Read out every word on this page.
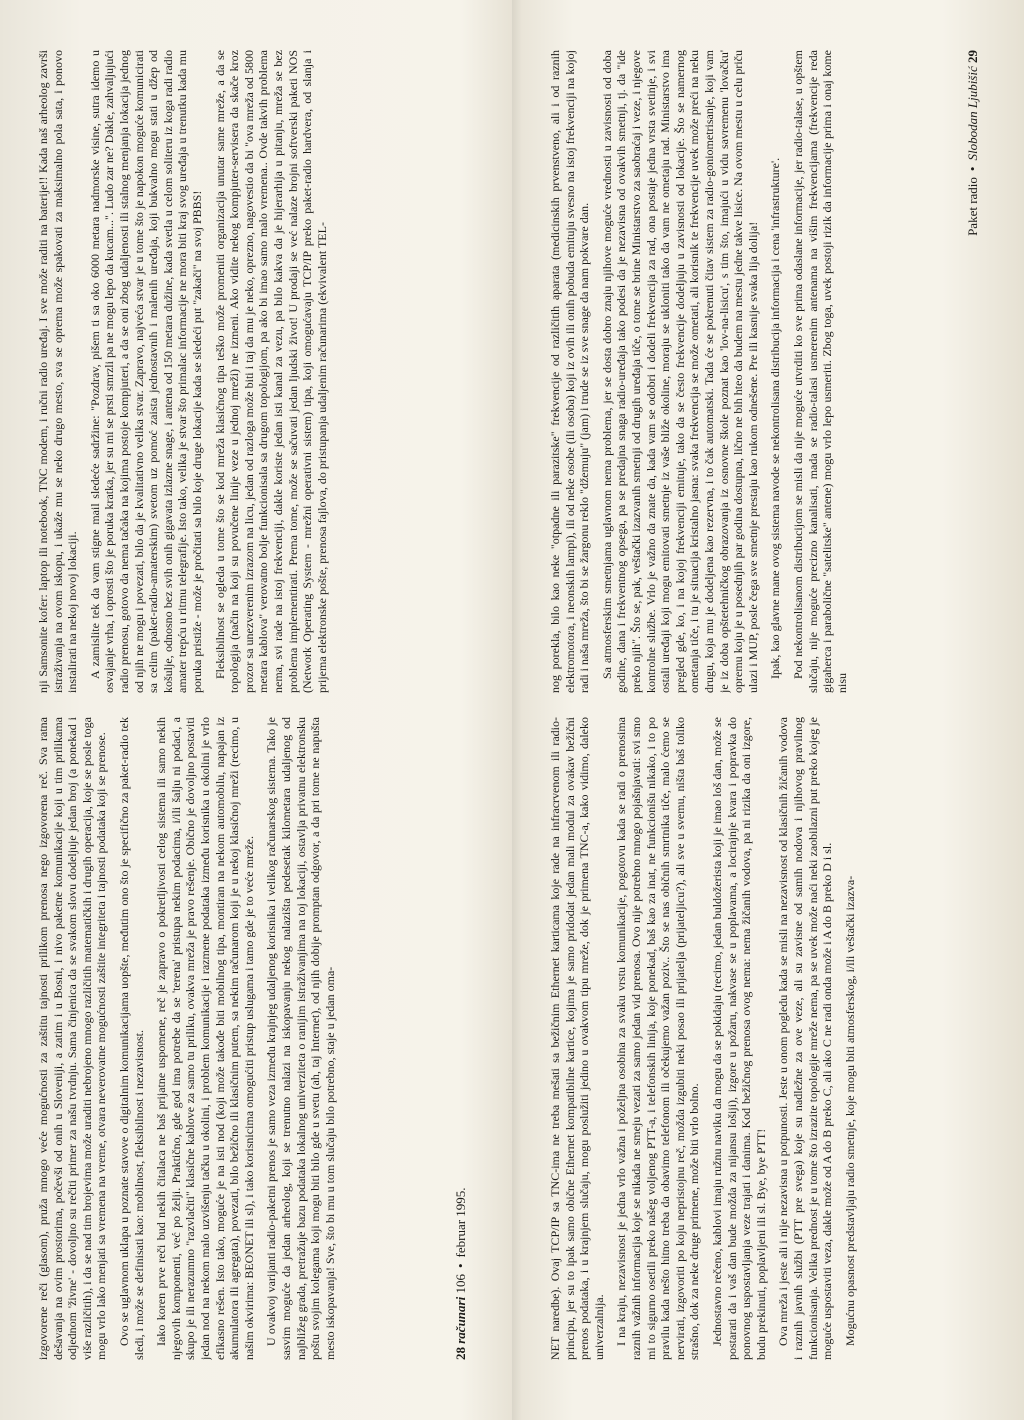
izgovorene reči (glasom), pruža mnogo veće mogućnosti za zaštitu tajnosti prilikom prenosa nego izgovorena reč. Sva ratna dešavanja na ovim prostorima, počevši od onih u Sloveniji, a zatim i u Bosni, i nivo paketne komunikacije koji u tim prilikama odjednom 'živne' - dovoljno su rečiti primer za našu tvrdnju. Sama činjenica da se svakom slovu dodeljuje jedan broj (a ponekad i više različitih), i da se nad tim brojevima može uraditi nebrojeno mnogo različitih matematičkih i drugih operacija, koje se posle toga mogu vrlo lako menjati sa vremena na vreme, otvara neverovatne mogućnosti zaštite integriteta i tajnosti podataka koji se prenose. Ovo se uglavnom uklapa u poznate stavove o digitalnim komunikacijama uopšte, međutim ono što je specifično za paket-radio tek sledi, i može se definisati kao: mobilnost, fleksibilnost i nezavisnost. Iako koren prve reči bud nekih čitalaca ne baš prijatne uspomene, reč je zapravo o pokretljivosti celog sistema ili samo nekih njegovih komponenti, već po želji. Praktično, gde god ima potrebe da se 'terena' pristupa nekim podacima, i/ili šalju ni podaci, a skupo je ili nerazumno "razvlačiti" klasične kablove za samo tu priliku, ovakva mreža je pravo rešenje. Obično je dovoljno postaviti jedan nod na nekom malo uzvišenju tačku u okolini, i problem komunikacije i razmene podataka između korisnika u okolini je vrlo efikasno rešen. Isto tako, moguće je na isti nod (koji može takođe biti mobilnog tipa, montiran na nekom automobilu, napajan iz akumulatora ili agregata), povezati, bilo bežično ili klasičnim putem, sa nekim računarom koji je u nekoj klasičnoj mreži (recimo, u našim okvirima: BEONET ili sl), i tako korisnicima omogućiti pristup uslugama i tamo gde je to veće mreže. U ovakvoj varijanti radio-paketni prenos je samo veza između krajnjeg udaljenog korisnika i velikog računarskog sistema. Tako je sasvim moguće da jedan arheolog, koji se trenutno nalazi na iskopavanju nekog nalazišta pedesetak kilometara udaljenog od najbližeg grada, pretražuje bazu podataka lokalnog univerziteta o ranijim istraživanjima na toj lokaciji, ostavlja privatnu elektronsku poštu svojim kolegama koji mogu biti bilo gde u svetu (ah, taj Internet), od njih dobije promptan odgovor, a da pri tome ne napušta mesto iskopavanja! Sve, što bi mu u tom slučaju bilo potrebno, staje u jedan oma-

nji Samsonite kofer: laptop ili notebook, TNC modem, i ručni radio uređaj. I sve može raditi na baterije!! Kada naš arheolog završi istraživanja na ovom iskopu, i ukaže mu se neko drugo mesto, sva se oprema može spakovati za maksimalno pola sata, i ponovo instalirati na nekoj novoj lokaciji. A zamislite tek da vam stigne mail sledeće sadržine: "Pozdrav, pišem ti sa oko 6000 metara nadmorske visine, sutra idemo u osvajanje vrha, i oprosti što je poruka kratka, jer su mi se prsti smrzli pa ne mogu lepo da kucam...". Ludo zar ne? Dakle, zahvaljujući radio prenosu, gotovo da nema tačaka na kojima postoje kompjuteri, a da se oni zbog udaljenosti ili stalnog menjanja lokacija jednog od njih ne mogu i povezati, bilo da je kvalitativno velika stvar. Zapravo, najveća stvar je u tome što je napokon moguće komunicirati sa celim (paket-radio-amaterskim) svetom uz pomoć zaista jednostavnih i malenih uređaja, koji bukvalno mogu stati u džep od košulje, odnosno bez svih onih gigavata izlazne snage, i antena od 150 metara dužine, kada svetla u celom soliteru iz koga radi radio amater trepću u ritmu telegrafije. Isto tako, velika je stvar što primalac informacije ne mora biti kraj svog uređaja u trenutku kada mu poruka pristiže - može je pročitati sa bilo koje druge lokacije kada se sledeći put "zakači" na svoj PBBS! Fleksibilnost se ogleda u tome što se kod mreža klasičnog tipa teško može promeniti organizacija unutar same mreže, a da se topologija (način na koji su povučene linije veze u jednoj mreži) ne izmeni. Ako vidite nekog kompjuter-servisera da skače kroz prozor sa unezverenim izrazom na licu, jedan od razloga može biti i taj da mu je neko, oprezno, nagovestio da bi "ova mreža od 5800 metara kablova" verovatno bolje funkcionisala sa drugom topologijom, pa ako bi imao samo malo vremena.. Ovde takvih problema nema, svi rade na istoj frekvenciji, dakle koriste jedan isti kanal za vezu, pa bilo kakva da je hijerarhija u pitanju, mreža se bez problema implementirati. Prema tome, može se sačuvati jedan ljudski život! U prodaji se već nalaze brojni softverski paketi NOS (Network Operating System - mrežni operativni sistem) tipa, koji omogućavaju TCP/IP preko paket-radio hardvera, od slanja i prijema elektronske pošte, prenosa fajlova, do pristupanja udaljenim računarima (ekvivalent TEL-

28

računari

106
•
februar 1995.	NET naredbe). Ovaj TCP/IP sa TNC-ima ne treba mešati sa bežičnim Ethernet karticama koje rade na infracrvenom ili radio-principu, jer su to ipak samo obične Ethernet kompatibilne kartice, kojima je samo pridodat jedan mali modul za ovakav bežični prenos podataka, i u krajnjem slučaju, mogu poslužiti jedino u ovakvom tipu mreže, dok je primena TNC-a, kako vidimo, daleko univerzalnija. I na kraju, nezavisnost je jedna vrlo važna i poželjna osobina za svaku vrstu komunikacije, pogotovu kada se radi o prenosima raznih važnih informacija koje se nikada ne smeju vezati za samo jedan vid prenosa. Ovo nije potrebno mnogo pojašnjavati: svi smo mi to sigurno osetili preko našeg voljenog PTT-a, i telefonskih linija, koje ponekad, baš kao za inat, ne funkcionišu nikako, i to po pravilu kada nešto hitno treba da obavimo telefonom ili očekujemo važan poziv.. Što se nas običnih smrtnika tiče, malo ćemo se nervirati, izgovoriti po koju nepristojnu reč, možda izgubiti neki posao ili prijatelja (prijateljicu?), ali sve u svemu, ništa baš toliko strašno, dok za neke druge primene, može biti vrlo bolno. Jednostavno rečeno, kablovi imaju ružnu naviku da mogu da se pokidaju (recimo, jedan buldožerista koji je imao loš dan, može se postarati da i vaš dan bude možda za nijansu lošiji), izgore u požaru, nakvase se u poplavama, a locirajnje kvara i popravka do ponovnog uspostavljanja veze trajati i danima. Kod bežičnog prenosa ovog nema: nema žičanih vodova, pa ni rizika da oni izgore, budu prekinuti, poplavljeni ili sl. Bye, bye PTT! Ova mreža i jeste ali i nije nezavisna u potpunosti. Jeste u onom pogledu kada se misli na nezavisnost od klasičnih žičanih vodova i raznih javnih službi (PTT pre svega) koje su nadležne za ove veze, ali su zavisne od samih nodova i njihovog pravilnog funkcionisanja. Velika prednost je u tome što izrazite topologije mreže nema, pa se uvek može naći neki zaobilazni put preko kojeg je moguće uspostaviti veza, dakle može od A do B preko C, ali ako C ne radi onda može i A do B preko D i sl. Mogućnu opasnost predstavljaju radio smetnje, koje mogu biti atmosferskog, i/ili veštački izazva-

nog porekla, bilo kao neke "otpadne ili parazitske" frekvencije od različitih aparata (medicinskih prvenstveno, ali i od raznih elektromotora, i neonskih lampi), ili od neke osobe (ili osoba) koji iz ovih ili onih pobuda emituju svesno na istoj frekvenciji na kojoj radi i naša mreža, što bi se žargonu reklo "džemuju" (jam) i trude se iz sve snage da nam pokvare dan. Sa atmosferskim smetnjama uglavnom nema problema, jer se dosta dobro znaju njihove moguće vrednosti u zavisnosti od doba godine, dana i frekventnog opsega, pa se predajna snaga radio-uređaja tako podesi da je nezavisna od ovakvih smetnji, tj. da "ide preko njih". Što se, pak, veštački izazvanih smetnji od drugih uređaja tiče, o tome se brine Ministarstvo za saobraćaj i veze, i njegove kontrolne službe. Vrlo je važno da znate da, kada vam se odobri i dodeli frekvencija za rad, ona postaje jedna vrsta svetinje, i svi ostali uređaji koji mogu emitovati smetnje iz vaše bliže okoline, moraju se ukloniti tako da vam ne ometaju rad. Ministarstvo ima pregled gde, ko, i na kojoj frekvenciji emituje, tako da se često frekvencije dodeljuju u zavisnosti od lokacije. Što se namernog ometanja tiče, i tu je situacija kristalno jasna: svaka frekvencija se može ometati, ali korisnik te frekvencije uvek može preći na neku drugu, koja mu je dodeljena kao rezervna, i to čak automatski. Tada će se pokrenuti čitav sistem za radio-goniometrisanje, koji vam je iz doba opštetehničkog obrazovanja iz osnovne škole poznat kao 'lov-na-lisicu', s tim što, imajući u vidu savremenu 'lovačku' opremu koju je u posednjih par godina dostupna, ličnо ne bih hteo da budem na mestu jedne takve lisice. Na ovom mestu u celu priču ulazi i MUP, posle čega sve smetnje prestaju kao rukom odnešene. Pre ili kasnije svaka lija dolija! Ipak, kao glavne mane ovog sistema navode se nekontrolisana distribucija informacija i cena 'infrastrukture'. Pod nekontrolisanom distribucijom se misli da nije moguće utvrditi ko sve prima odaslane informacije, jer radio-talase, u opštem slučaju, nije moguće precizno kanalisati, mada se radio-talasi usmerenim antenama na višim frekvencijama (frekvencije reda gigaherca i parabolične "satelitske" antene) mogu vrlo lepo usmeriti. Zbog toga, uvek postoji rizik da informacije prima i onaj kome nisu

Paket radio
•
Slobodan Ljubišić

29
